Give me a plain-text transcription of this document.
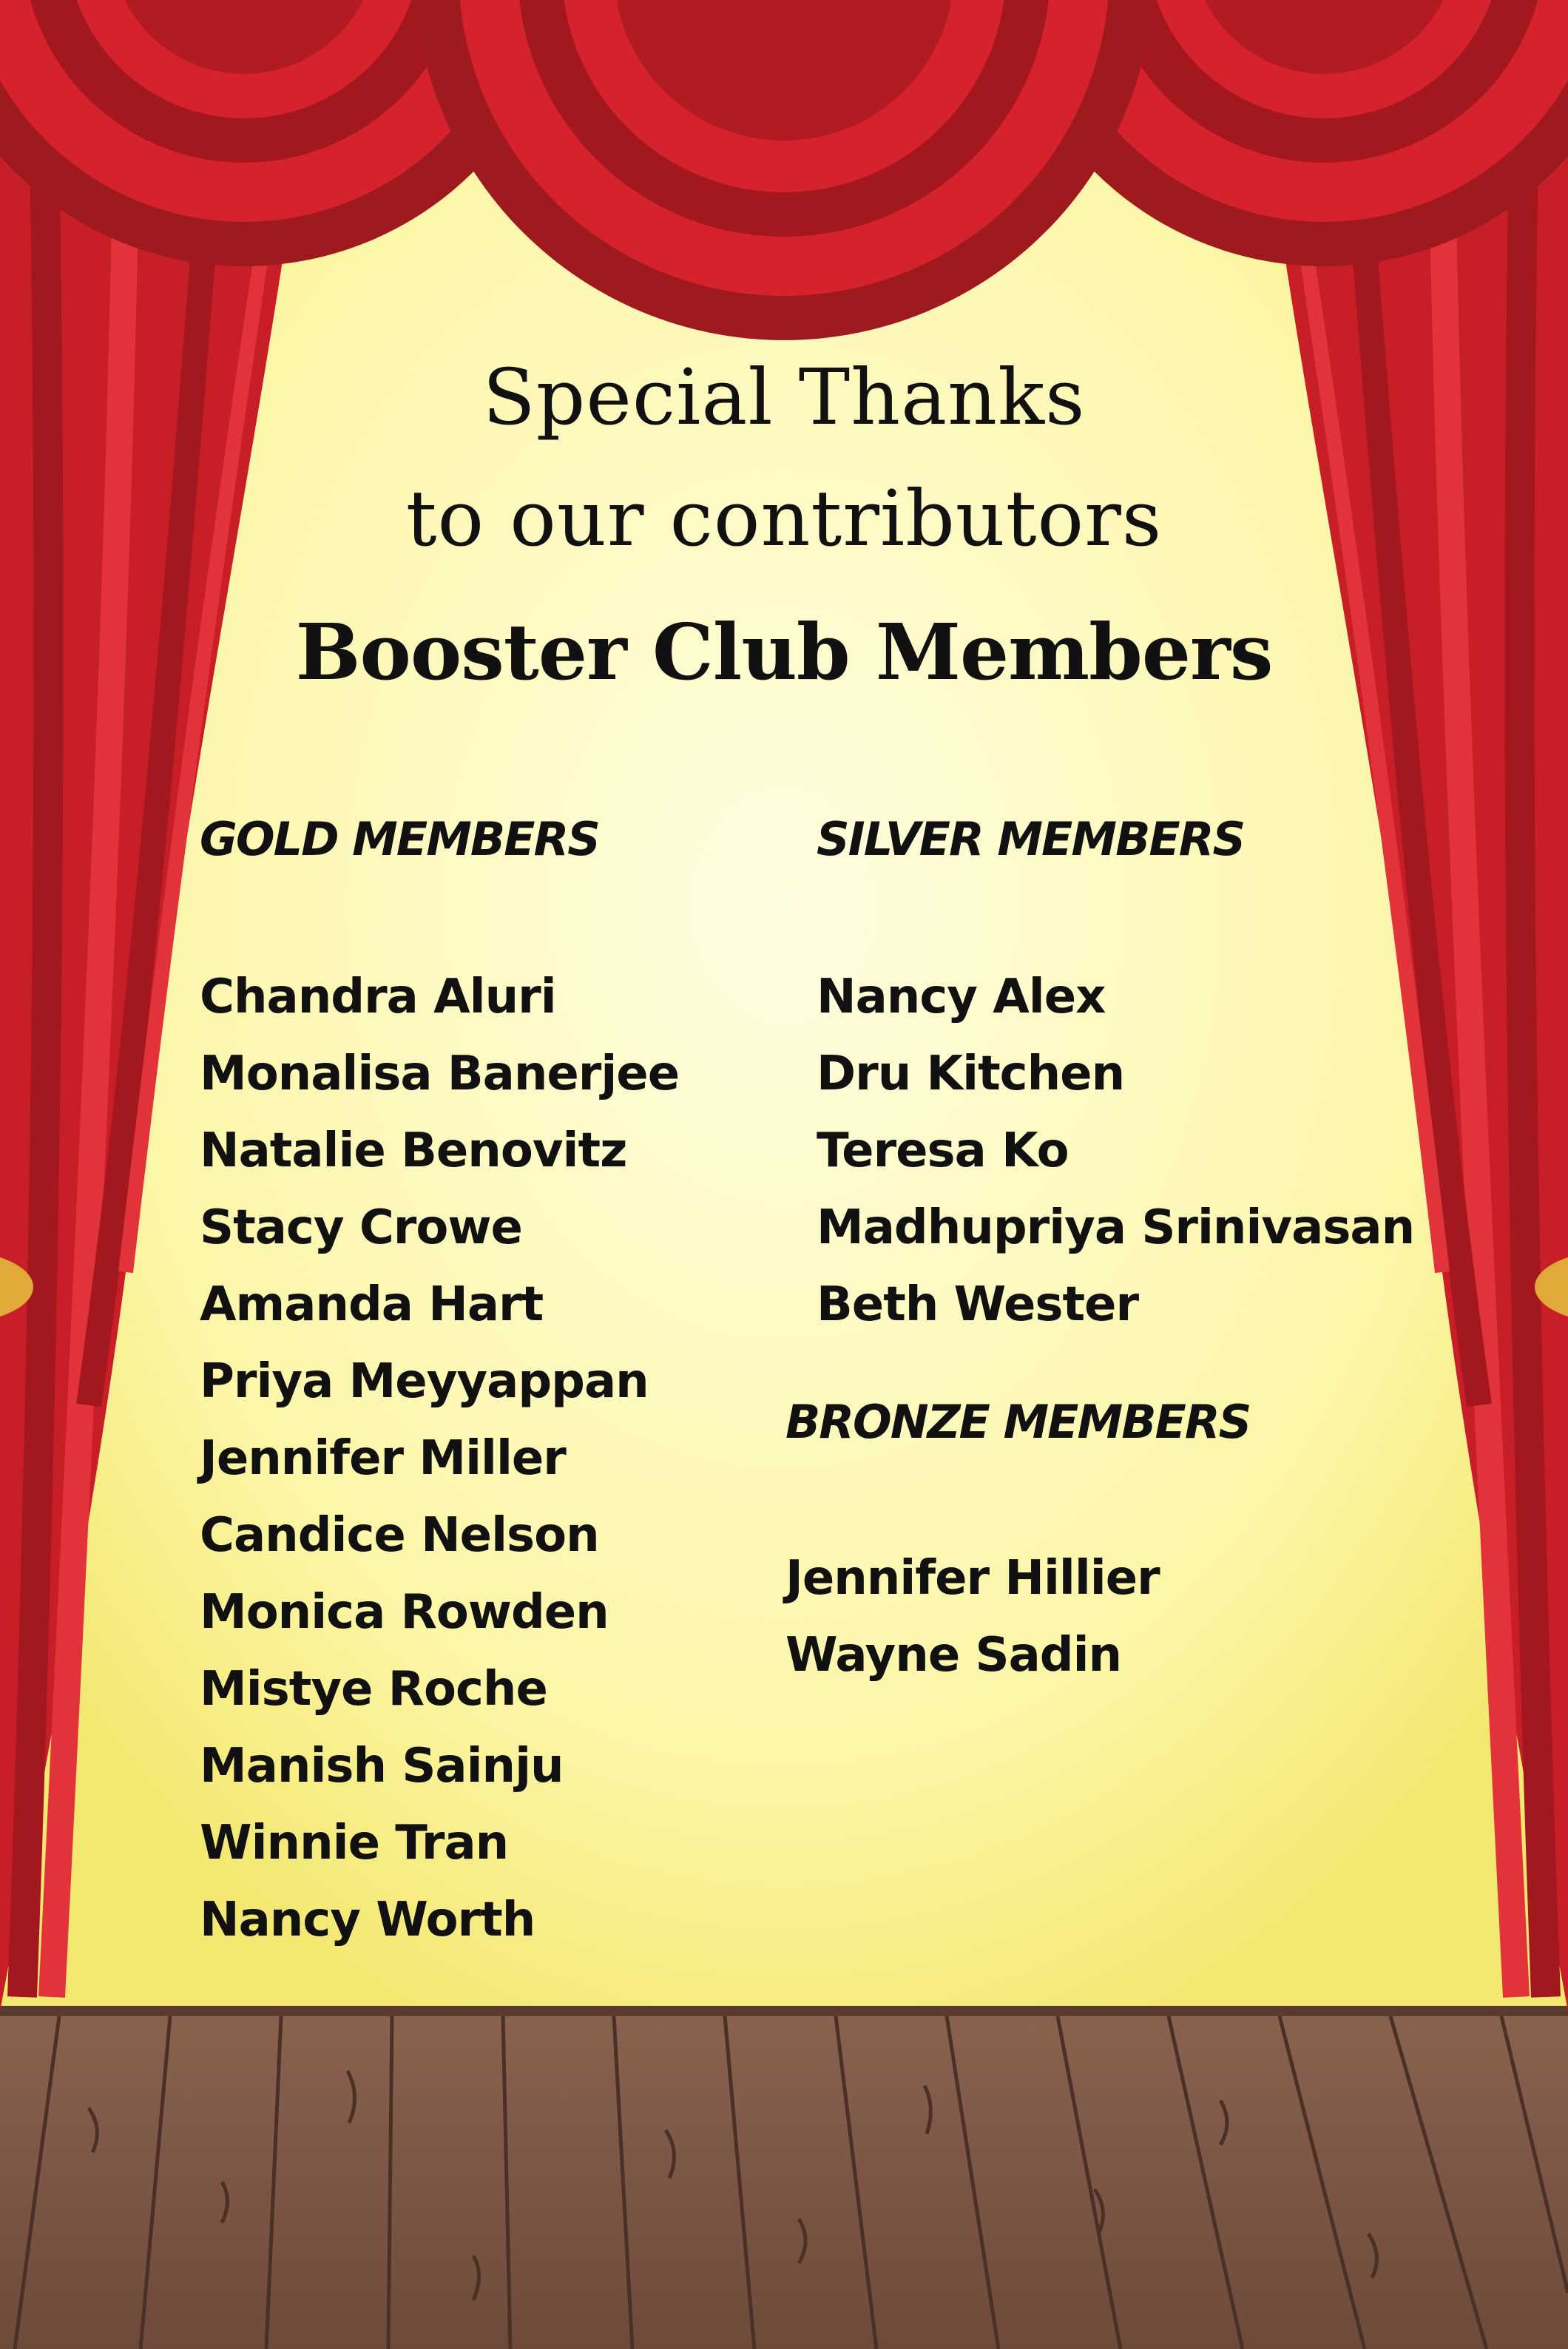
Special Thanks
to our contributors
Booster Club Members
GOLD MEMBERS
Chandra Aluri
Monalisa Banerjee
Natalie Benovitz
Stacy Crowe
Amanda Hart
Priya Meyyappan
Jennifer Miller
Candice Nelson
Monica Rowden
Mistye Roche
Manish Sainju
Winnie Tran
Nancy Worth
SILVER MEMBERS
Nancy Alex
Dru Kitchen
Teresa Ko
Madhupriya Srinivasan
Beth Wester
BRONZE MEMBERS
Jennifer Hillier
Wayne Sadin
